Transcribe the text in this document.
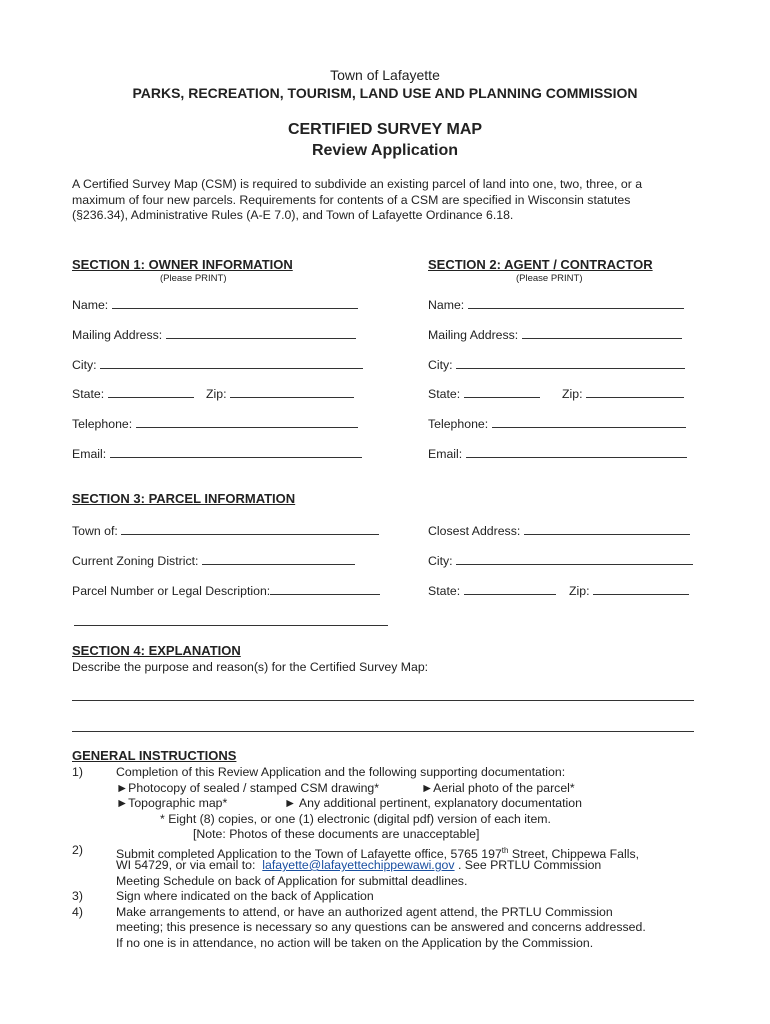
Town of Lafayette
PARKS, RECREATION, TOURISM, LAND USE AND PLANNING COMMISSION
CERTIFIED SURVEY MAP
Review Application
A Certified Survey Map (CSM) is required to subdivide an existing parcel of land into one, two, three, or a
maximum of four new parcels. Requirements for contents of a CSM are specified in Wisconsin statutes
(§236.34), Administrative Rules (A-E 7.0), and Town of Lafayette Ordinance 6.18.
SECTION 1: OWNER INFORMATION
(Please PRINT)
Name:
Mailing Address:
City:
State:	Zip:
Telephone:
Email:
SECTION 2: AGENT / CONTRACTOR
(Please PRINT)
Name:
Mailing Address:
City:
State:	Zip:
Telephone:
Email:
SECTION 3: PARCEL INFORMATION
Town of:
Current Zoning District:
Parcel Number or Legal Description:
Closest Address:
City:
State:	Zip:
SECTION 4: EXPLANATION
Describe the purpose and reason(s) for the Certified Survey Map:
GENERAL INSTRUCTIONS
1)	Completion of this Review Application and the following supporting documentation:
►Photocopy of sealed / stamped CSM drawing*	►Aerial photo of the parcel*
►Topographic map*	► Any additional pertinent, explanatory documentation
* Eight (8) copies, or one (1) electronic (digital pdf) version of each item.
[Note: Photos of these documents are unacceptable]
2)	Submit completed Application to the Town of Lafayette office, 5765 197th Street, Chippewa Falls,
WI 54729, or via email to: lafayette@lafayettechippewawi.gov . See PRTLU Commission
Meeting Schedule on back of Application for submittal deadlines.
3)	Sign where indicated on the back of Application
4)	Make arrangements to attend, or have an authorized agent attend, the PRTLU Commission
meeting; this presence is necessary so any questions can be answered and concerns addressed.
If no one is in attendance, no action will be taken on the Application by the Commission.
